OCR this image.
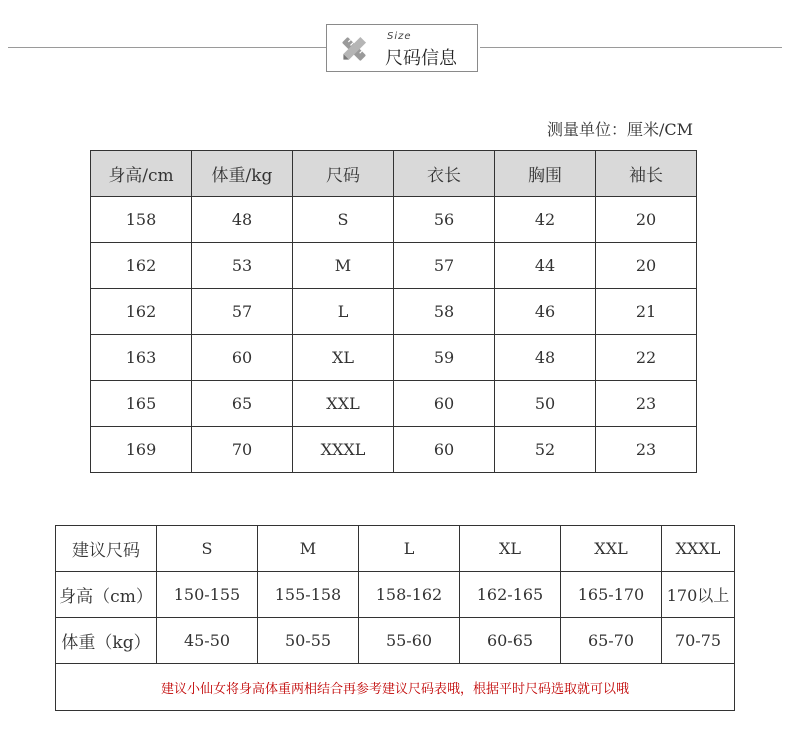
Size
尺码信息
测量单位：厘米/CM
身高/cm	体重/kg	尺码	衣长	胸围	袖长
158	48	S	56	42	20
162	53	M	57	44	20
162	57	L	58	46	21
163	60	XL	59	48	22
165	65	XXL	60	50	23
169	70	XXXL	60	52	23
建议尺码	S	M	L	XL	XXL	XXXL
身高（cm）	150-155	155-158	158-162	162-165	165-170	170以上
体重（kg）	45-50	50-55	55-60	60-65	65-70	70-75
建议小仙女将身高体重两相结合再参考建议尺码表哦，根据平时尺码选取就可以哦						
